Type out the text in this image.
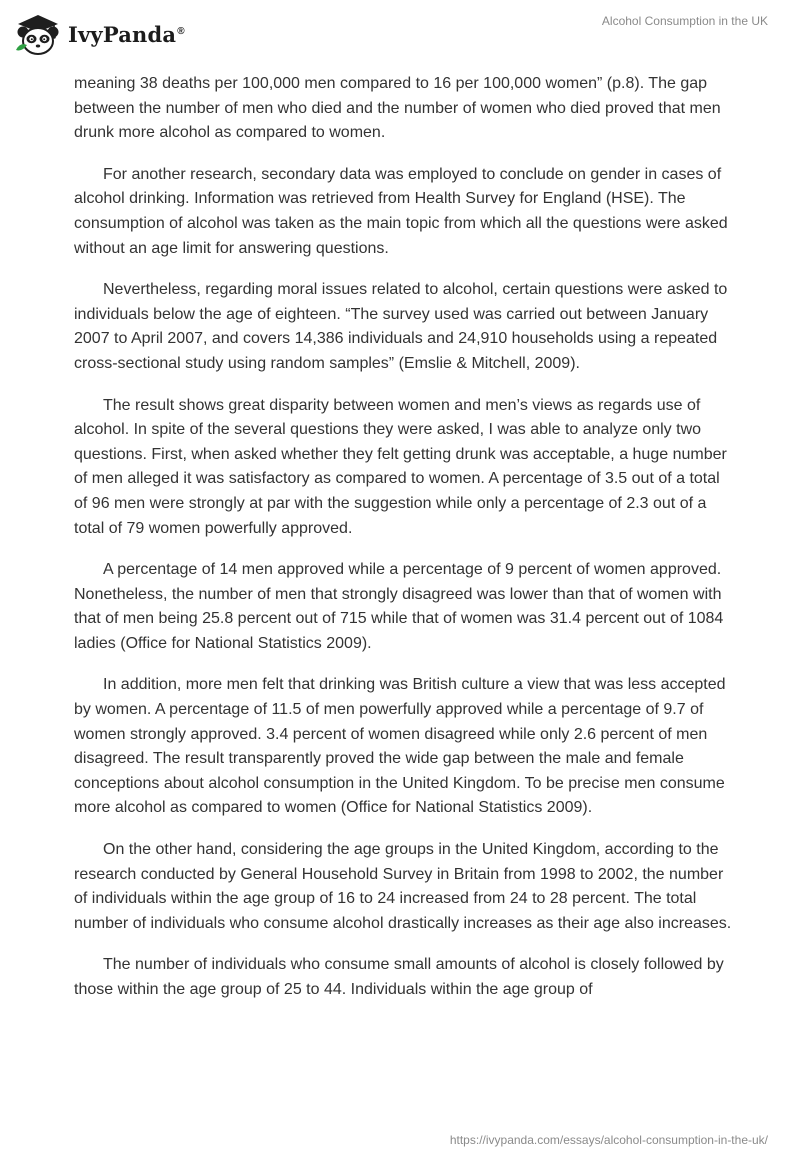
IvyPanda®
Alcohol Consumption in the UK

meaning 38 deaths per 100,000 men compared to 16 per 100,000 women” (p.8). The gap between the number of men who died and the number of women who died proved that men drunk more alcohol as compared to women.

For another research, secondary data was employed to conclude on gender in cases of alcohol drinking. Information was retrieved from Health Survey for England (HSE). The consumption of alcohol was taken as the main topic from which all the questions were asked without an age limit for answering questions.

Nevertheless, regarding moral issues related to alcohol, certain questions were asked to individuals below the age of eighteen. “The survey used was carried out between January 2007 to April 2007, and covers 14,386 individuals and 24,910 households using a repeated cross-sectional study using random samples” (Emslie & Mitchell, 2009).

The result shows great disparity between women and men’s views as regards use of alcohol. In spite of the several questions they were asked, I was able to analyze only two questions. First, when asked whether they felt getting drunk was acceptable, a huge number of men alleged it was satisfactory as compared to women. A percentage of 3.5 out of a total of 96 men were strongly at par with the suggestion while only a percentage of 2.3 out of a total of 79 women powerfully approved.

A percentage of 14 men approved while a percentage of 9 percent of women approved. Nonetheless, the number of men that strongly disagreed was lower than that of women with that of men being 25.8 percent out of 715 while that of women was 31.4 percent out of 1084 ladies (Office for National Statistics 2009).

In addition, more men felt that drinking was British culture a view that was less accepted by women. A percentage of 11.5 of men powerfully approved while a percentage of 9.7 of women strongly approved. 3.4 percent of women disagreed while only 2.6 percent of men disagreed. The result transparently proved the wide gap between the male and female conceptions about alcohol consumption in the United Kingdom. To be precise men consume more alcohol as compared to women (Office for National Statistics 2009).

On the other hand, considering the age groups in the United Kingdom, according to the research conducted by General Household Survey in Britain from 1998 to 2002, the number of individuals within the age group of 16 to 24 increased from 24 to 28 percent. The total number of individuals who consume alcohol drastically increases as their age also increases.

The number of individuals who consume small amounts of alcohol is closely followed by those within the age group of 25 to 44. Individuals within the age group of

https://ivypanda.com/essays/alcohol-consumption-in-the-uk/
